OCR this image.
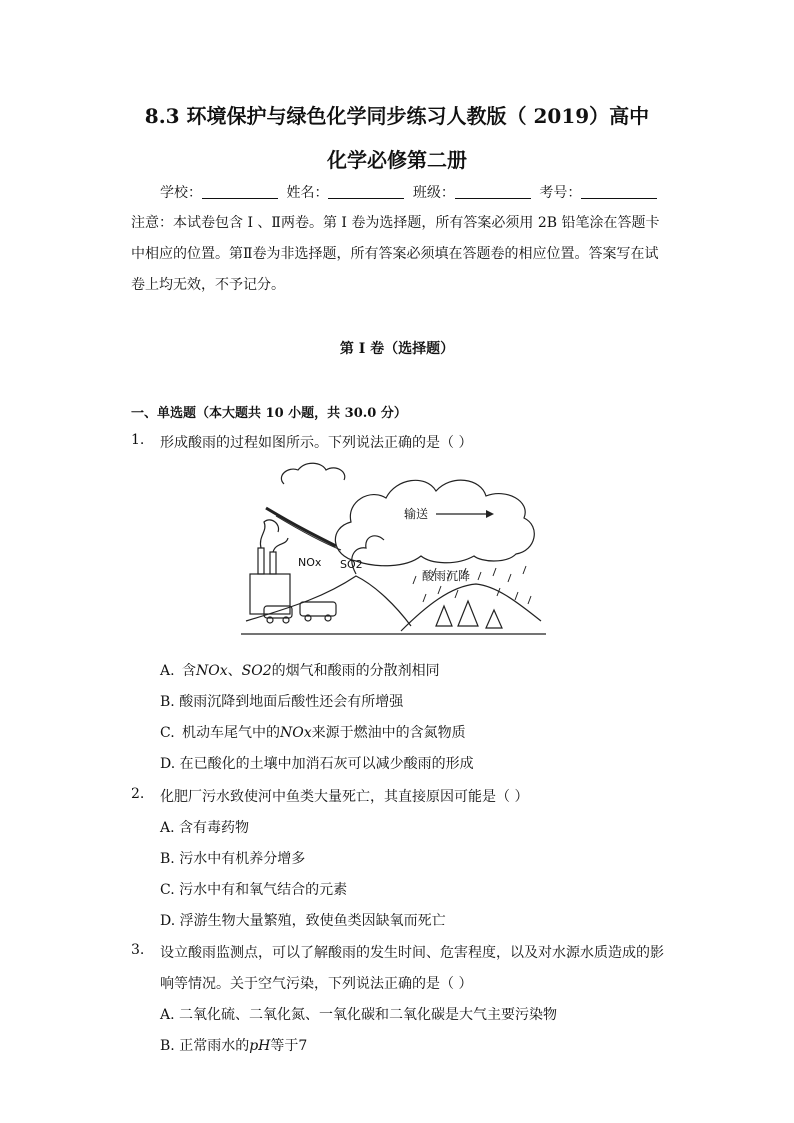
8.3 环境保护与绿色化学同步练习人教版（ 2019）高中
化学必修第二册
学校：	姓名：	班级：	考号：
注意：本试卷包含 Ⅰ 、Ⅱ两卷。第 Ⅰ 卷为选择题，所有答案必须用 2B 铅笔涂在答题卡
中相应的位置。第Ⅱ卷为非选择题，所有答案必须填在答题卷的相应位置。答案写在试
卷上均无效，不予记分。
第 I 卷（选择题）
一、单选题（本大题共 10 小题，共 30.0 分）
1. 形成酸雨的过程如图所示。下列说法正确的是（ ）
输送
酸雨沉降
NOx SO2
A. 含NOx、SO2的烟气和酸雨的分散剂相同
B. 酸雨沉降到地面后酸性还会有所增强
C. 机动车尾气中的NOx来源于燃油中的含氮物质
D. 在已酸化的土壤中加消石灰可以减少酸雨的形成
2. 化肥厂污水致使河中鱼类大量死亡，其直接原因可能是（ ）
A. 含有毒药物
B. 污水中有机养分增多
C. 污水中有和氧气结合的元素
D. 浮游生物大量繁殖，致使鱼类因缺氧而死亡
3. 设立酸雨监测点，可以了解酸雨的发生时间、危害程度，以及对水源水质造成的影
响等情况。关于空气污染，下列说法正确的是（ ）
A. 二氧化硫、二氧化氮、一氧化碳和二氧化碳是大气主要污染物
B. 正常雨水的pH等于7
